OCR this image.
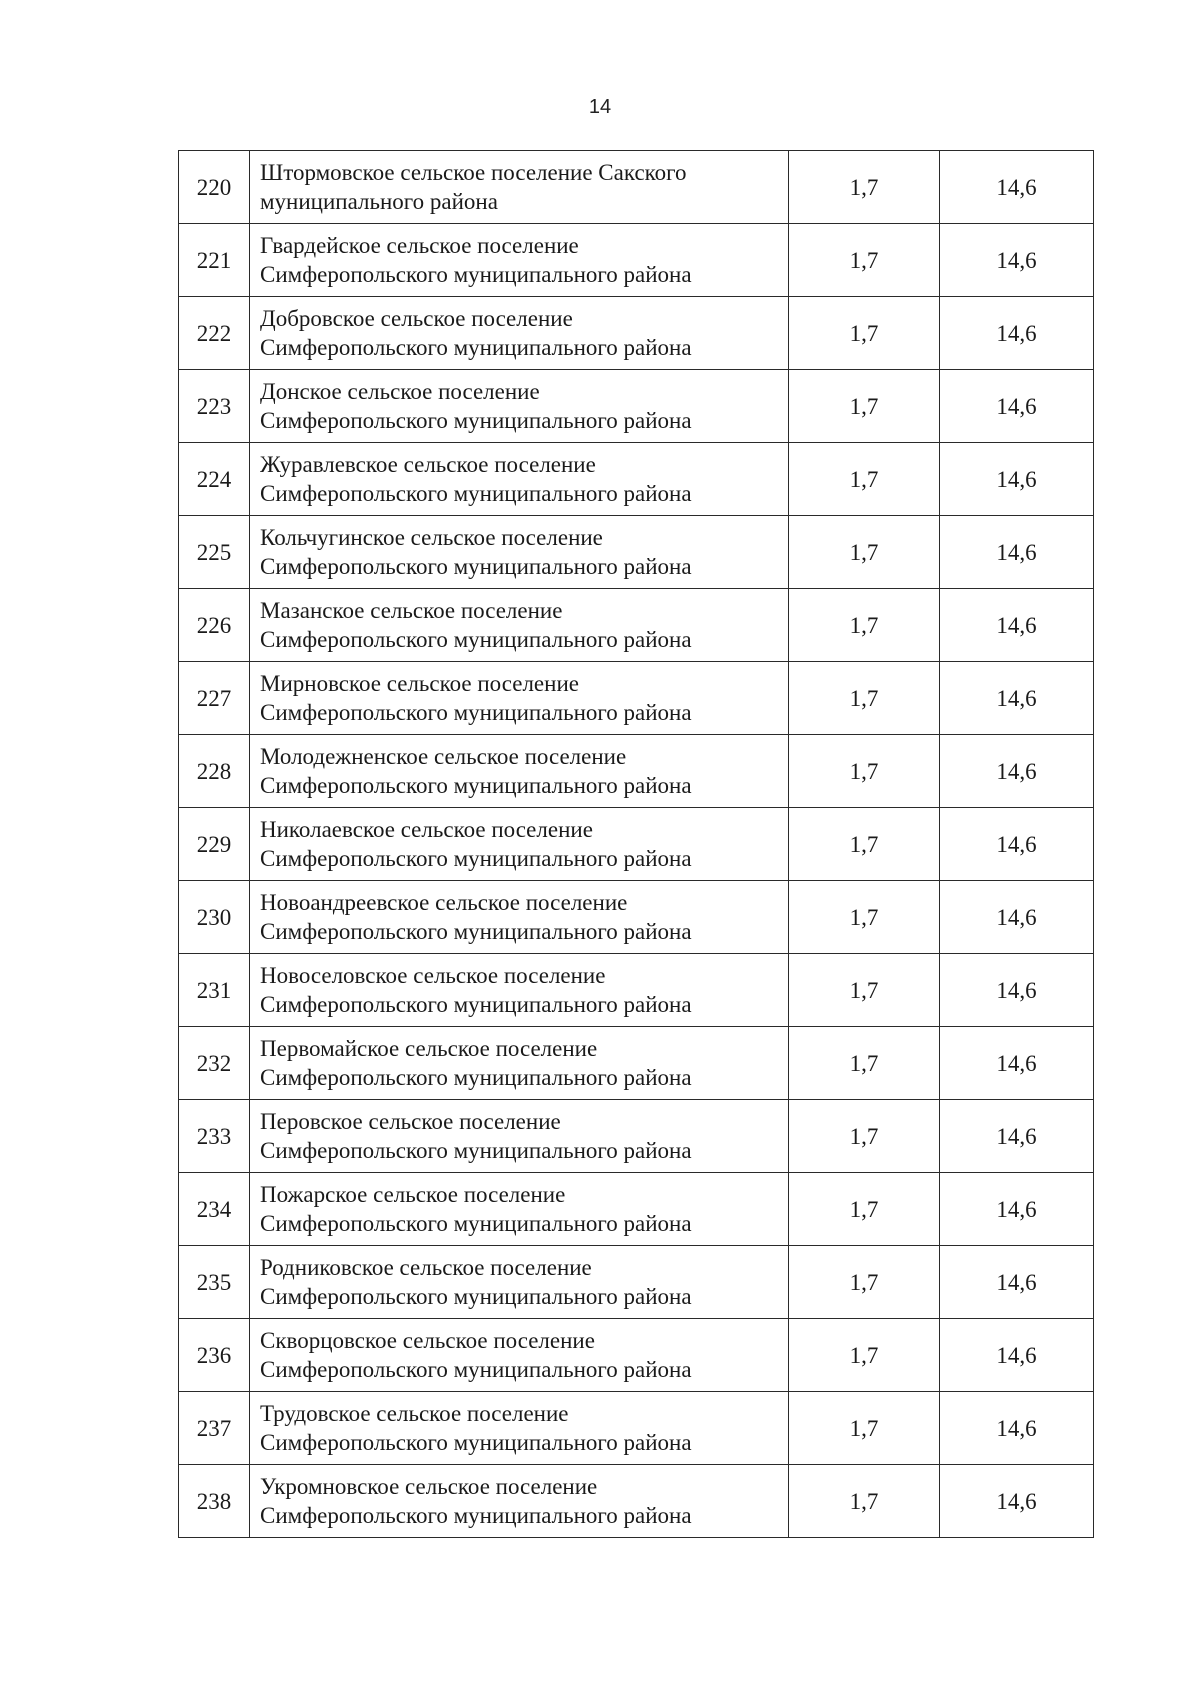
14
220	Штормовское сельское поселение Сакского
муниципального района	1,7	14,6
221	Гвардейское сельское поселение
Симферопольского муниципального района	1,7	14,6
222	Добровское сельское поселение
Симферопольского муниципального района	1,7	14,6
223	Донское сельское поселение
Симферопольского муниципального района	1,7	14,6
224	Журавлевское сельское поселение
Симферопольского муниципального района	1,7	14,6
225	Кольчугинское сельское поселение
Симферопольского муниципального района	1,7	14,6
226	Мазанское сельское поселение
Симферопольского муниципального района	1,7	14,6
227	Мирновское сельское поселение
Симферопольского муниципального района	1,7	14,6
228	Молодежненское сельское поселение
Симферопольского муниципального района	1,7	14,6
229	Николаевское сельское поселение
Симферопольского муниципального района	1,7	14,6
230	Новоандреевское сельское поселение
Симферопольского муниципального района	1,7	14,6
231	Новоселовское сельское поселение
Симферопольского муниципального района	1,7	14,6
232	Первомайское сельское поселение
Симферопольского муниципального района	1,7	14,6
233	Перовское сельское поселение
Симферопольского муниципального района	1,7	14,6
234	Пожарское сельское поселение
Симферопольского муниципального района	1,7	14,6
235	Родниковское сельское поселение
Симферопольского муниципального района	1,7	14,6
236	Скворцовское сельское поселение
Симферопольского муниципального района	1,7	14,6
237	Трудовское сельское поселение
Симферопольского муниципального района	1,7	14,6
238	Укромновское сельское поселение
Симферопольского муниципального района	1,7	14,6
